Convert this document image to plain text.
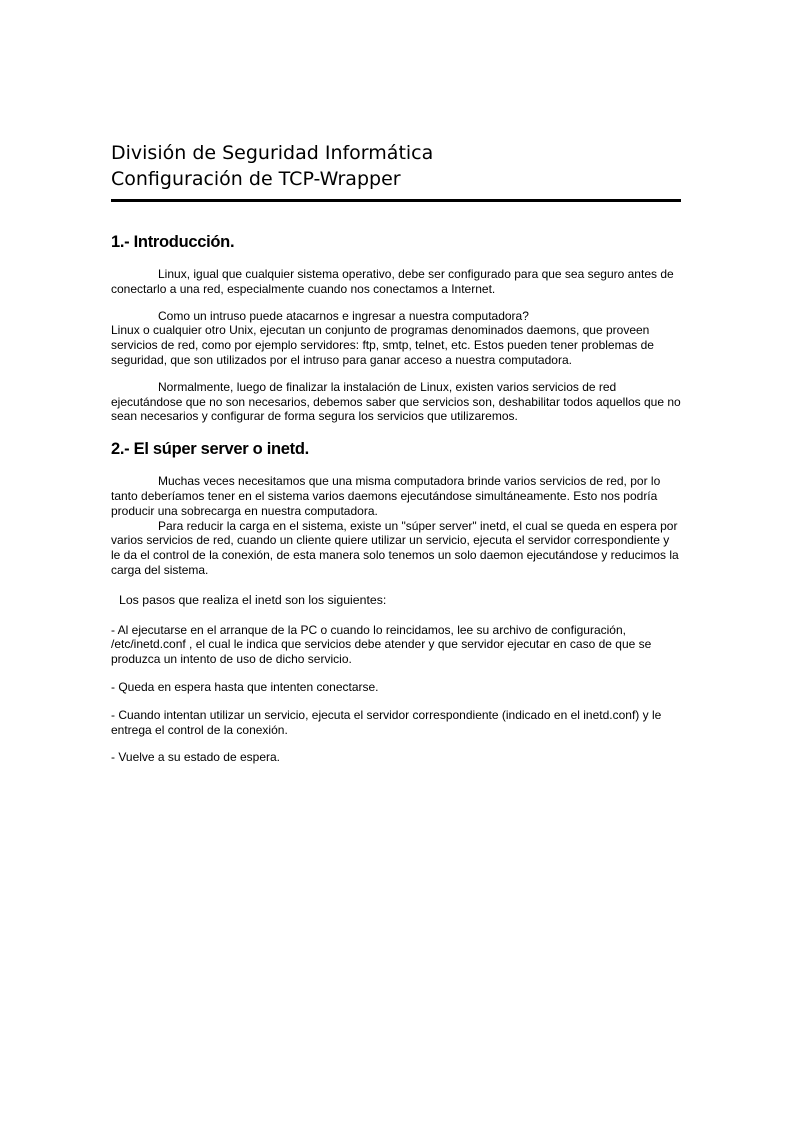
División de Seguridad Informática

Configuración de TCP-Wrapper

1.- Introducción.

Linux, igual que cualquier sistema operativo, debe ser configurado para que sea seguro antes de conectarlo a una red, especialmente cuando nos conectamos a Internet.

Como un intruso puede atacarnos e ingresar a nuestra computadora?

Linux o cualquier otro Unix, ejecutan un conjunto de programas denominados daemons, que proveen servicios de red, como por ejemplo servidores: ftp, smtp, telnet, etc. Estos pueden tener problemas de seguridad, que son utilizados por el intruso para ganar acceso a nuestra computadora.

Normalmente, luego de finalizar la instalación de Linux, existen varios servicios de red ejecutándose que no son necesarios, debemos saber que servicios son, deshabilitar todos aquellos que no sean necesarios y configurar de forma segura los servicios que utilizaremos.

2.- El súper server o inetd.

Muchas veces necesitamos que una misma computadora brinde varios servicios de red, por lo tanto deberíamos tener en el sistema varios daemons ejecutándose simultáneamente. Esto nos podría producir una sobrecarga en nuestra computadora.

Para reducir la carga en el sistema, existe un "súper server" inetd, el cual se queda en espera por varios servicios de red, cuando un cliente quiere utilizar un servicio, ejecuta el servidor correspondiente y le da el control de la conexión, de esta manera solo tenemos un solo daemon ejecutándose y reducimos la carga del sistema.

Los pasos que realiza el inetd son los siguientes:

- Al ejecutarse en el arranque de la PC o cuando lo reincidamos, lee su archivo de configuración, /etc/inetd.conf , el cual le indica que servicios debe atender y que servidor ejecutar en caso de que se produzca un intento de uso de dicho servicio.

- Queda en espera hasta que intenten conectarse.

- Cuando intentan utilizar un servicio, ejecuta el servidor correspondiente (indicado en el inetd.conf) y le entrega el control de la conexión.

- Vuelve a su estado de espera.
